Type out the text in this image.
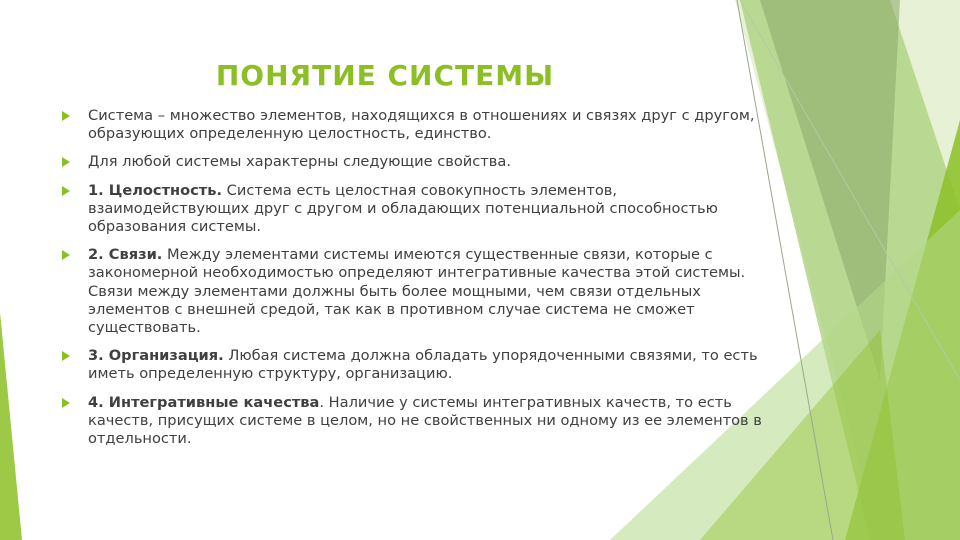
ПОНЯТИЕ СИСТЕМЫ
Система – множество элементов, находящихся в отношениях и связях друг с другом, образующих определенную целостность, единство.
Для любой системы характерны следующие свойства.
1. Целостность. Система есть целостная совокупность элементов, взаимодействующих друг с другом и обладающих потенциальной способностью образования системы.
2. Связи. Между элементами системы имеются существенные связи, которые с закономерной необходимостью определяют интегративные качества этой системы. Связи между элементами должны быть более мощными, чем связи отдельных элементов с внешней средой, так как в противном случае система не сможет существовать.
3. Организация. Любая система должна обладать упорядоченными связями, то есть иметь определенную структуру, организацию.
4. Интегративные качества. Наличие у системы интегративных качеств, то есть качеств, присущих системе в целом, но не свойственных ни одному из ее элементов в отдельности.
